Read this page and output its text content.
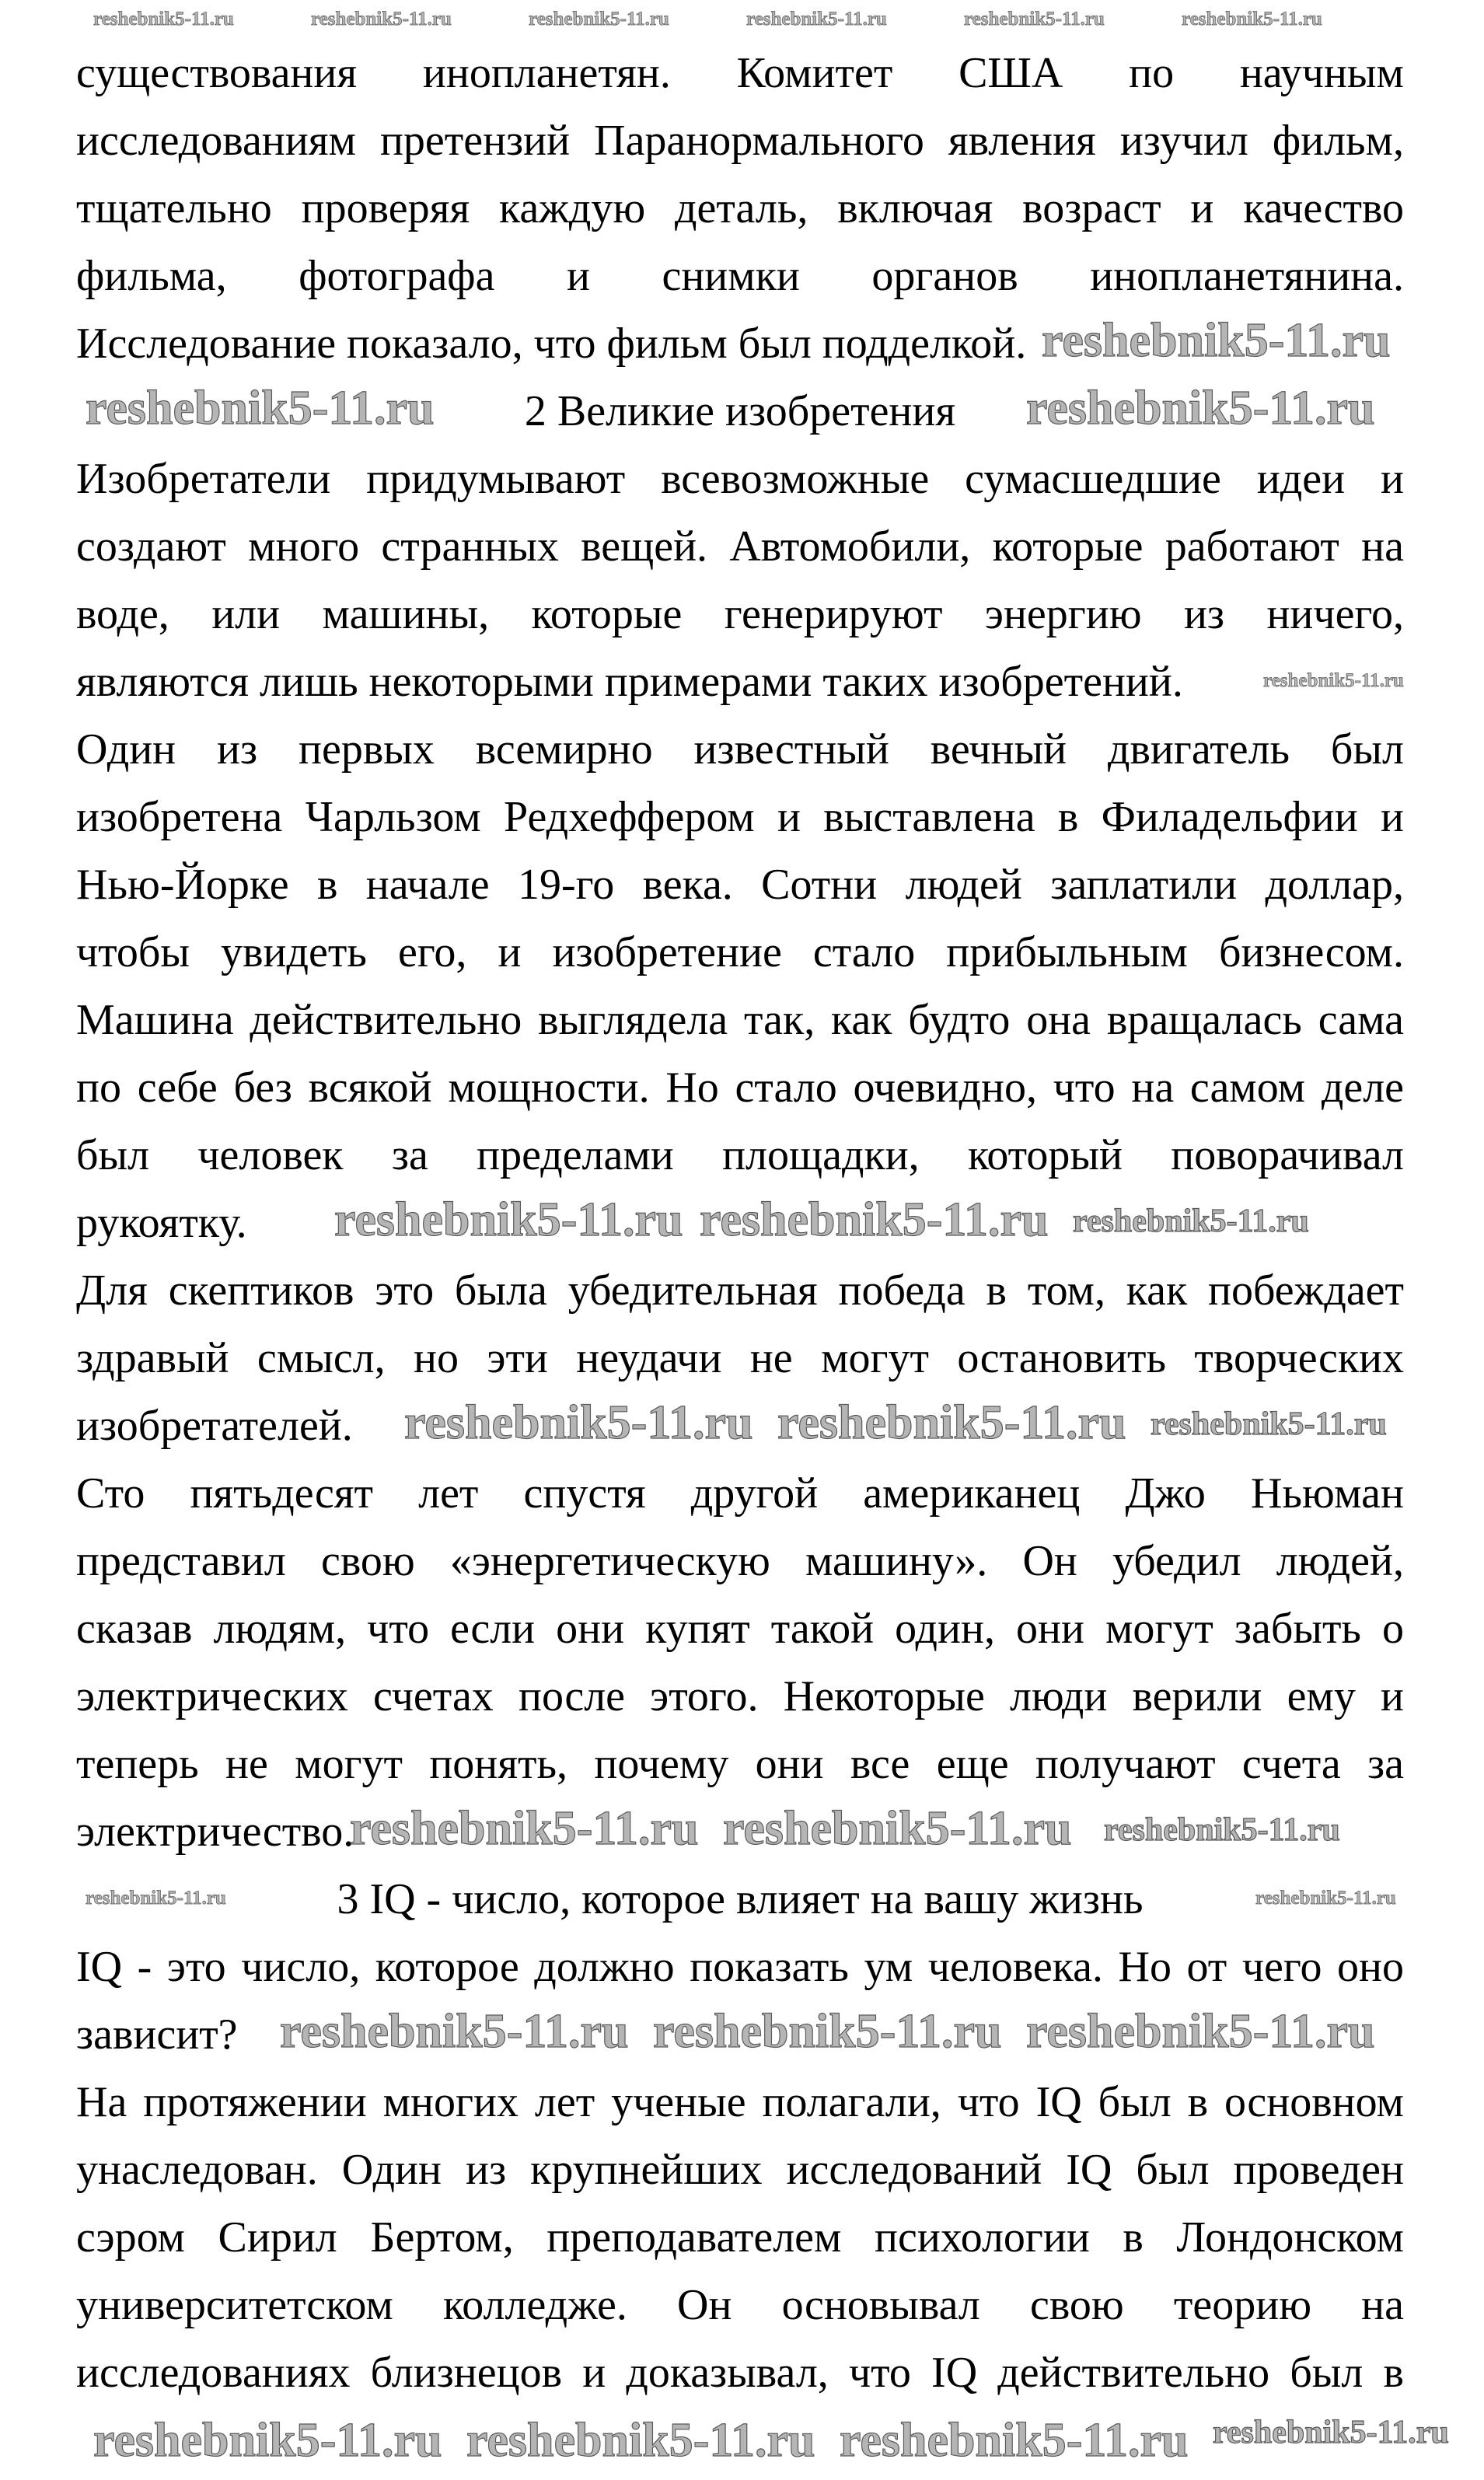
существования инопланетян. Комитет США по научным
исследованиям претензий Паранормального явления изучил фильм,
тщательно проверяя каждую деталь, включая возраст и качество
фильма, фотографа и снимки органов инопланетянина.
Исследование показало, что фильм был подделкой.
2 Великие изобретения
Изобретатели придумывают всевозможные сумасшедшие идеи и
создают много странных вещей. Автомобили, которые работают на
воде, или машины, которые генерируют энергию из ничего,
являются лишь некоторыми примерами таких изобретений.
Один из первых всемирно известный вечный двигатель был
изобретена Чарльзом Редхеффером и выставлена в Филадельфии и
Нью-Йорке в начале 19-го века. Сотни людей заплатили доллар,
чтобы увидеть его, и изобретение стало прибыльным бизнесом.
Машина действительно выглядела так, как будто она вращалась сама
по себе без всякой мощности. Но стало очевидно, что на самом деле
был человек за пределами площадки, который поворачивал
рукоятку.
Для скептиков это была убедительная победа в том, как побеждает
здравый смысл, но эти неудачи не могут остановить творческих
изобретателей.
Сто пятьдесят лет спустя другой американец Джо Ньюман
представил свою «энергетическую машину». Он убедил людей,
сказав людям, что если они купят такой один, они могут забыть о
электрических счетах после этого. Некоторые люди верили ему и
теперь не могут понять, почему они все еще получают счета за
электричество.
3 IQ - число, которое влияет на вашу жизнь
IQ - это число, которое должно показать ум человека. Но от чего оно
зависит?
На протяжении многих лет ученые полагали, что IQ был в основном
унаследован. Один из крупнейших исследований IQ был проведен
сэром Сирил Бертом, преподавателем психологии в Лондонском
университетском колледже. Он основывал свою теорию на
исследованиях близнецов и доказывал, что IQ действительно был в
reshebnik5-11.ru	reshebnik5-11.ru	reshebnik5-11.ru	reshebnik5-11.ru	reshebnik5-11.ru	reshebnik5-11.ru
reshebnik5-11.ru
reshebnik5-11.ru	reshebnik5-11.ru
reshebnik5-11.ru
reshebnik5-11.ru reshebnik5-11.ru reshebnik5-11.ru
reshebnik5-11.ru reshebnik5-11.ru reshebnik5-11.ru
reshebnik5-11.ru reshebnik5-11.ru reshebnik5-11.ru
reshebnik5-11.ru	reshebnik5-11.ru
reshebnik5-11.ru reshebnik5-11.ru reshebnik5-11.ru
reshebnik5-11.ru reshebnik5-11.ru reshebnik5-11.ru reshebnik5-11.ru
